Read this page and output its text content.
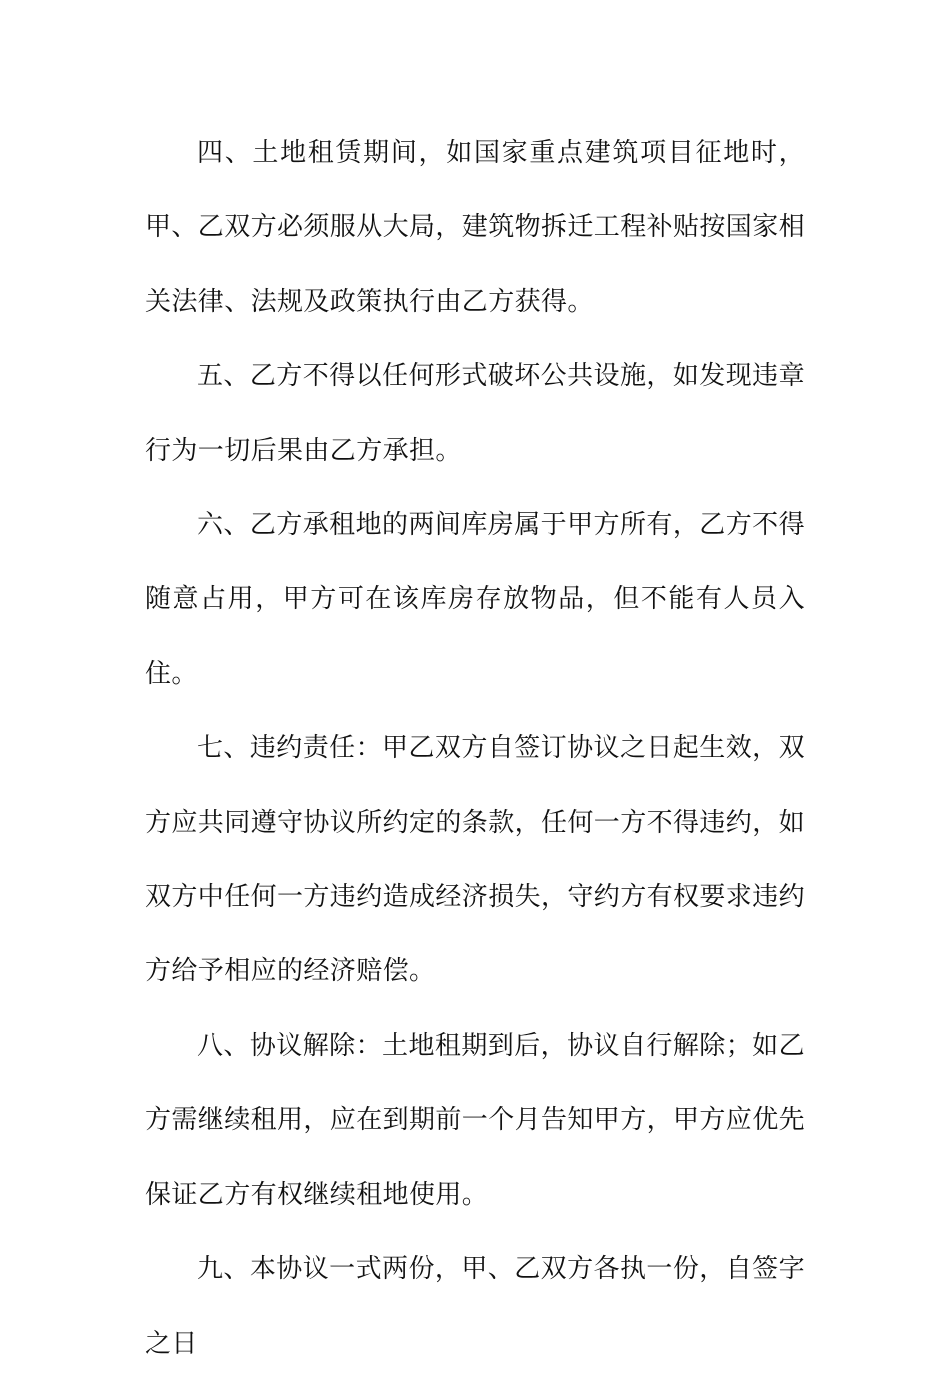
四、土地租赁期间，如国家重点建筑项目征地时，甲、乙双方必须服从大局，建筑物拆迁工程补贴按国家相关法律、法规及政策执行由乙方获得。

五、乙方不得以任何形式破坏公共设施，如发现违章行为一切后果由乙方承担。

六、乙方承租地的两间库房属于甲方所有，乙方不得随意占用，甲方可在该库房存放物品，但不能有人员入住。

七、违约责任：甲乙双方自签订协议之日起生效，双方应共同遵守协议所约定的条款，任何一方不得违约，如双方中任何一方违约造成经济损失，守约方有权要求违约方给予相应的经济赔偿。

八、协议解除：土地租期到后，协议自行解除；如乙方需继续租用，应在到期前一个月告知甲方，甲方应优先保证乙方有权继续租地使用。

九、本协议一式两份，甲、乙双方各执一份，自签字之日
